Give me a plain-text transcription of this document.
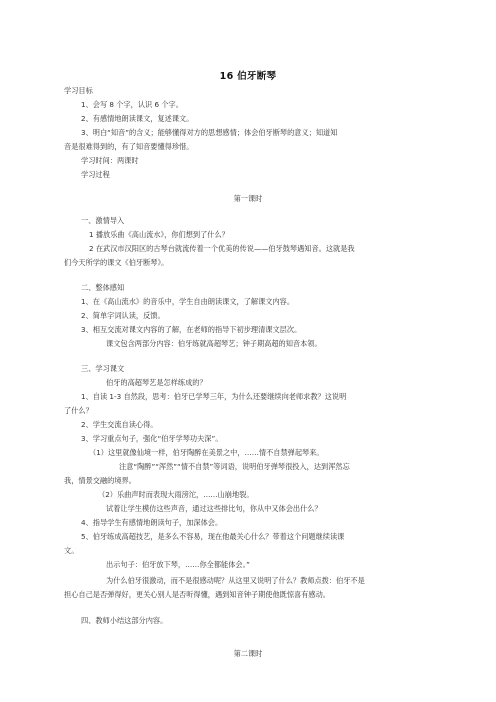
16 伯牙断琴
学习目标
1、会写 8 个字，认识 6 个字。
2、有感情地朗读课文，复述课文。
3、明白“知音”的含义；能够懂得对方的思想感情；体会伯牙断琴的意义；知道知
音是很难得到的，有了知音要懂得珍惜。
学习时间：两课时
学习过程
第一课时
一、激情导入
1 播放乐曲《高山流水》，你们想到了什么？
2 在武汉市汉阳区的古琴台就流传着一个优美的传说——伯牙鼓琴遇知音。这就是我
们今天所学的课文《伯牙断琴》。
二、整体感知
1、在《高山流水》的音乐中，学生自由朗读课文，了解课文内容。
2、简单字词认读，反馈。
3、相互交流对课文内容的了解，在老师的指导下初步理清课文层次。
课文包含两部分内容：伯牙练就高超琴艺；钟子期高超的知音本领。
三、学习课文
伯牙的高超琴艺是怎样练成的？
1、自读 1-3 自然段，思考：伯牙已学琴三年，为什么还要继续向老师求教？这说明
了什么？
2、学生交流自读心得。
3、学习重点句子，强化“伯牙学琴功夫深”。
（1）这里就像仙境一样，伯牙陶醉在美景之中，……情不自禁弹起琴来。
注意“陶醉”“浑然”“情不自禁”等词语，说明伯牙弹琴很投入，达到浑然忘
我，情景交融的境界。
（2）乐曲声时而表现大雨滂沱，……山崩地裂。
试着让学生模仿这些声音，通过这些排比句，你从中又体会出什么？
4、指导学生有感情地朗读句子，加深体会。
5、伯牙练成高超技艺，是多么不容易，现在他最关心什么？带着这个问题继续读课
文。
出示句子：伯牙放下琴，……你全都能体会。”
为什么伯牙很激动，而不是很感动呢？从这里又说明了什么？教师点拨：伯牙不是
担心自己是否弹得好，更关心别人是否听得懂，遇到知音钟子期使他既惊喜有感动。
四、教师小结这部分内容。
第二课时
